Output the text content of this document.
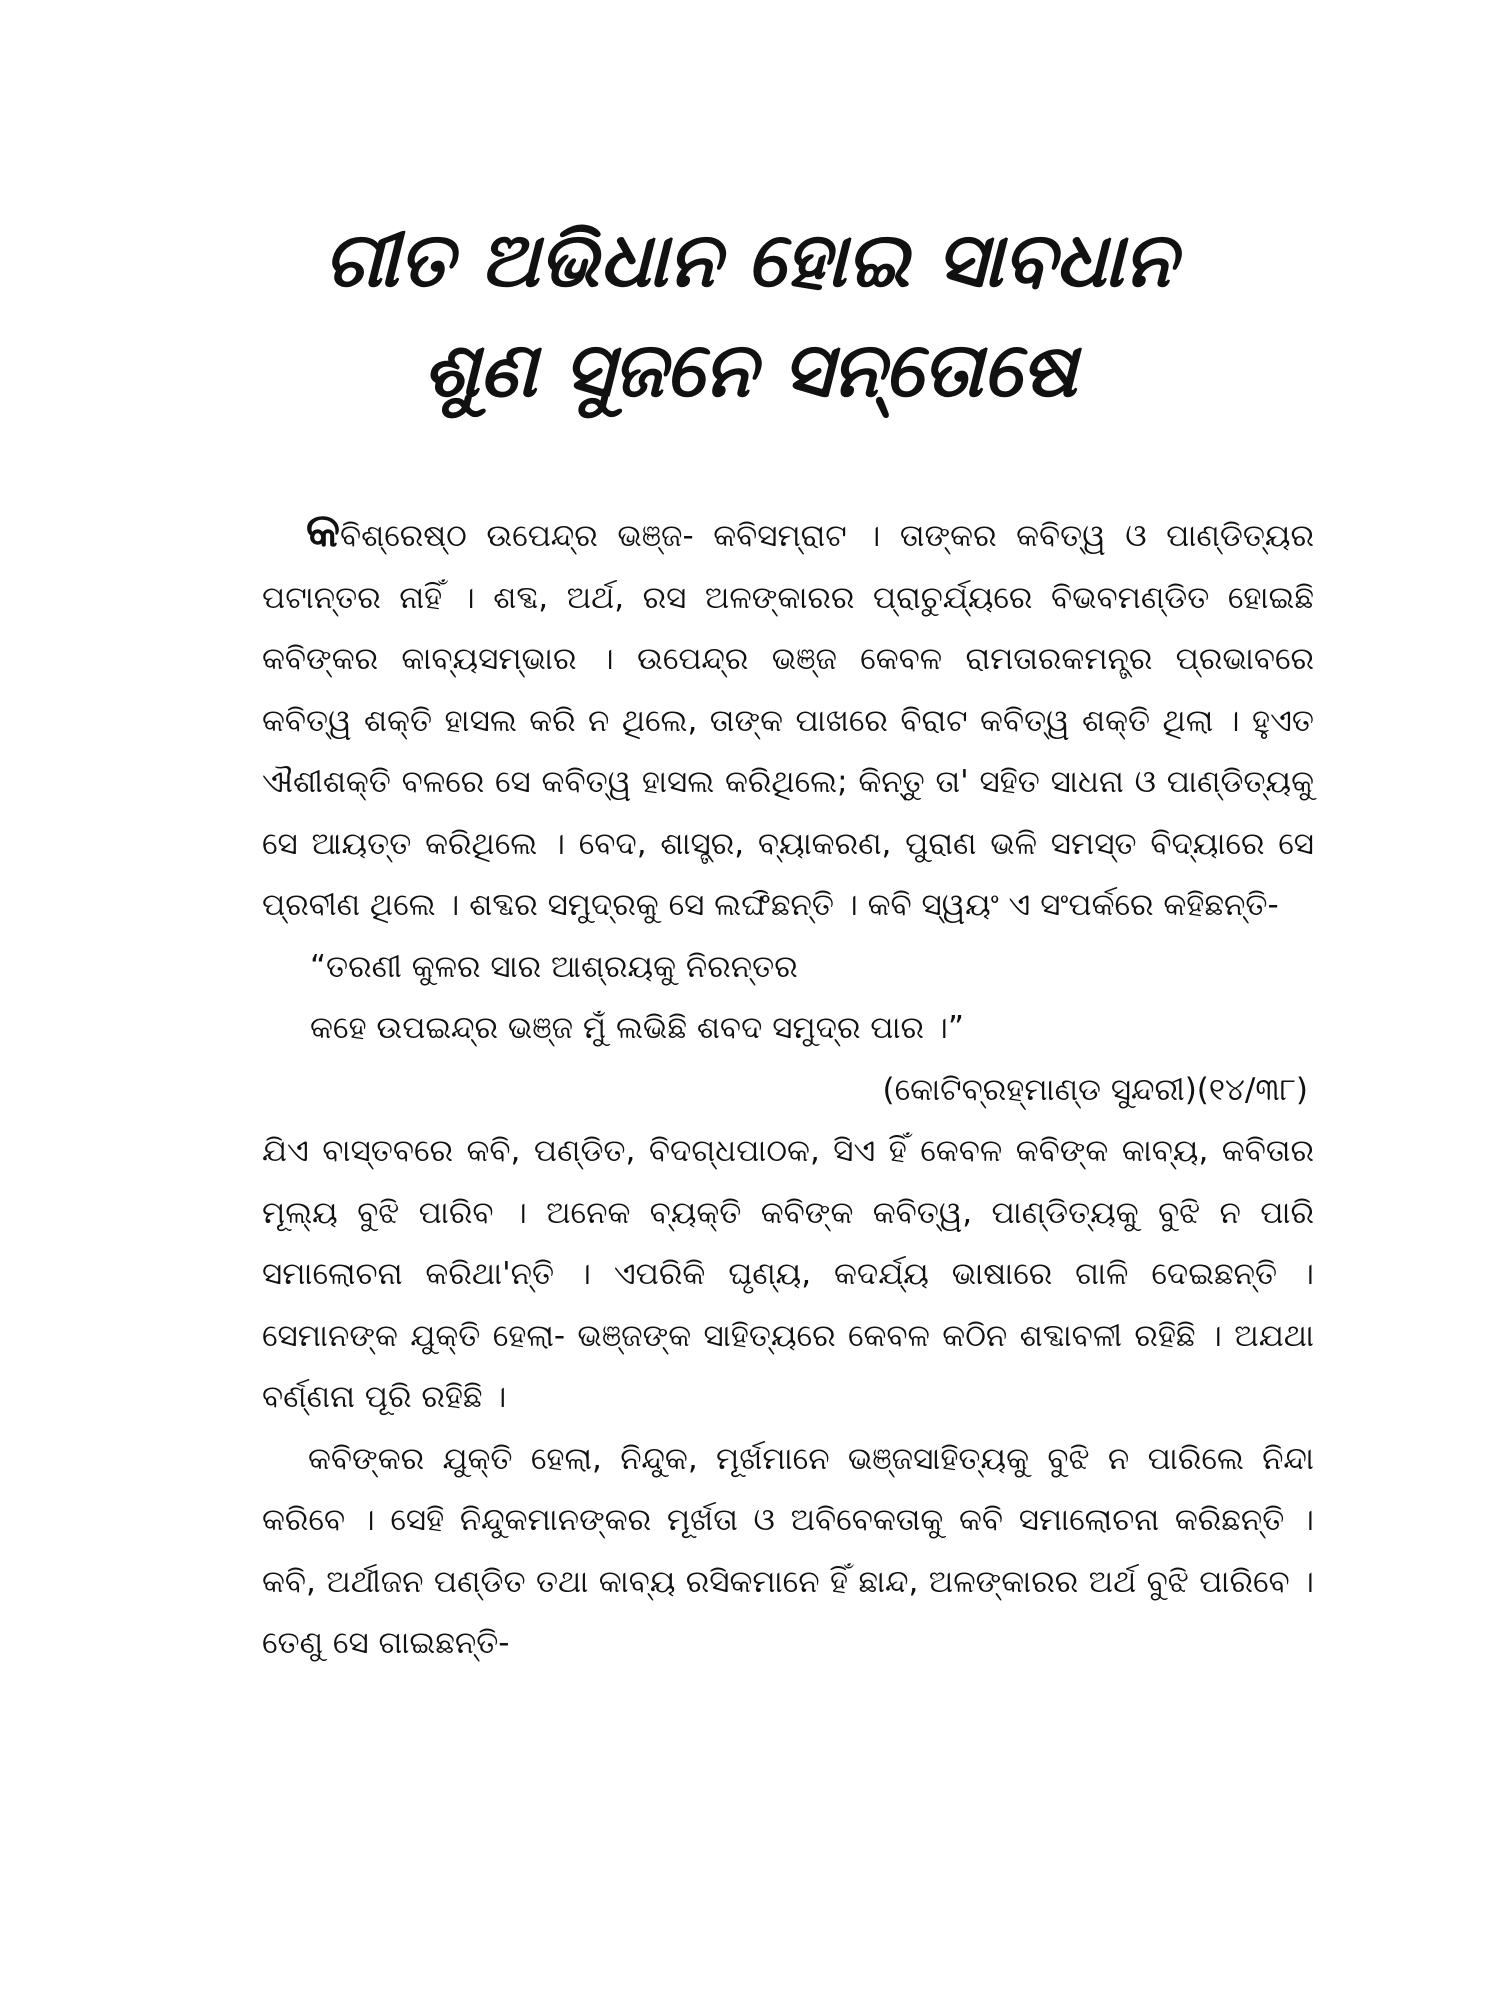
ଗୀତ ଅଭିଧାନ ହୋଇ ସାବଧାନ
ଶୁଣ ସୁଜନେ ସନ୍ତୋଷେ

କବିଶ୍ରେଷ୍ଠ ଉପେନ୍ଦ୍ର ଭଞ୍ଜ- କବିସମ୍ରାଟ । ତାଙ୍କର କବିତ୍ୱ ଓ ପାଣ୍ଡିତ୍ୟର ପଟାନ୍ତର ନାହିଁ । ଶବ୍ଦ, ଅର୍ଥ, ରସ ଅଳଙ୍କାରର ପ୍ରାଚୁର୍ଯ୍ୟରେ ବିଭବମଣ୍ଡିତ ହୋଇଛି କବିଙ୍କର କାବ୍ୟସମ୍ଭାର । ଉପେନ୍ଦ୍ର ଭଞ୍ଜ କେବଳ ରାମତାରକମନ୍ତ୍ର ପ୍ରଭାବରେ କବିତ୍ୱ ଶକ୍ତି ହାସଲ କରି ନ ଥିଲେ, ତାଙ୍କ ପାଖରେ ବିରାଟ କବିତ୍ୱ ଶକ୍ତି ଥିଲା । ହୁଏତ ଐଶୀଶକ୍ତି ବଳରେ ସେ କବିତ୍ୱ ହାସଲ କରିଥିଲେ; କିନ୍ତୁ ତା' ସହିତ ସାଧନା ଓ ପାଣ୍ଡିତ୍ୟକୁ ସେ ଆୟତ୍ତ କରିଥିଲେ । ବେଦ, ଶାସ୍ତ୍ର, ବ୍ୟାକରଣ, ପୁରାଣ ଭଳି ସମସ୍ତ ବିଦ୍ୟାରେ ସେ ପ୍ରବୀଣ ଥିଲେ । ଶବ୍ଦର ସମୁଦ୍ରକୁ ସେ ଲଙ୍ଘିଛନ୍ତି । କବି ସ୍ୱୟଂ ଏ ସଂପର୍କରେ କହିଛନ୍ତି-

“ତରଣୀ କୁଳର ସାର ଆଶ୍ରୟକୁ ନିରନ୍ତର

କହେ ଉପଇନ୍ଦ୍ର ଭଞ୍ଜ ମୁଁ ଲଭିଛି ଶବଦ ସମୁଦ୍ର ପାର ।”

(କୋଟିବ୍ରହ୍ମାଣ୍ଡ ସୁନ୍ଦରୀ)(୧୪/୩୮)

ଯିଏ ବାସ୍ତବରେ କବି, ପଣ୍ଡିତ, ବିଦଗ୍ଧପାଠକ, ସିଏ ହିଁ କେବଳ କବିଙ୍କ କାବ୍ୟ, କବିତାର ମୂଲ୍ୟ ବୁଝି ପାରିବ । ଅନେକ ବ୍ୟକ୍ତି କବିଙ୍କ କବିତ୍ୱ, ପାଣ୍ଡିତ୍ୟକୁ ବୁଝି ନ ପାରି ସମାଲୋଚନା କରିଥା'ନ୍ତି । ଏପରିକି ଘୃଣ୍ୟ, କଦର୍ଯ୍ୟ ଭାଷାରେ ଗାଳି ଦେଇଛନ୍ତି । ସେମାନଙ୍କ ଯୁକ୍ତି ହେଲା- ଭଞ୍ଜଙ୍କ ସାହିତ୍ୟରେ କେବଳ କଠିନ ଶବ୍ଦାବଳୀ ରହିଛି । ଅଯଥା ବର୍ଣ୍ଣନା ପୂରି ରହିଛି ।

କବିଙ୍କର ଯୁକ୍ତି ହେଲା, ନିନ୍ଦୁକ, ମୂର୍ଖମାନେ ଭଞ୍ଜସାହିତ୍ୟକୁ ବୁଝି ନ ପାରିଲେ ନିନ୍ଦା କରିବେ । ସେହି ନିନ୍ଦୁକମାନଙ୍କର ମୂର୍ଖତା ଓ ଅବିବେକତାକୁ କବି ସମାଲୋଚନା କରିଛନ୍ତି । କବି, ଅର୍ଥୀଜନ ପଣ୍ଡିତ ତଥା କାବ୍ୟ ରସିକମାନେ ହିଁ ଛାନ୍ଦ, ଅଳଙ୍କାରର ଅର୍ଥ ବୁଝି ପାରିବେ । ତେଣୁ ସେ ଗାଇଛନ୍ତି-
